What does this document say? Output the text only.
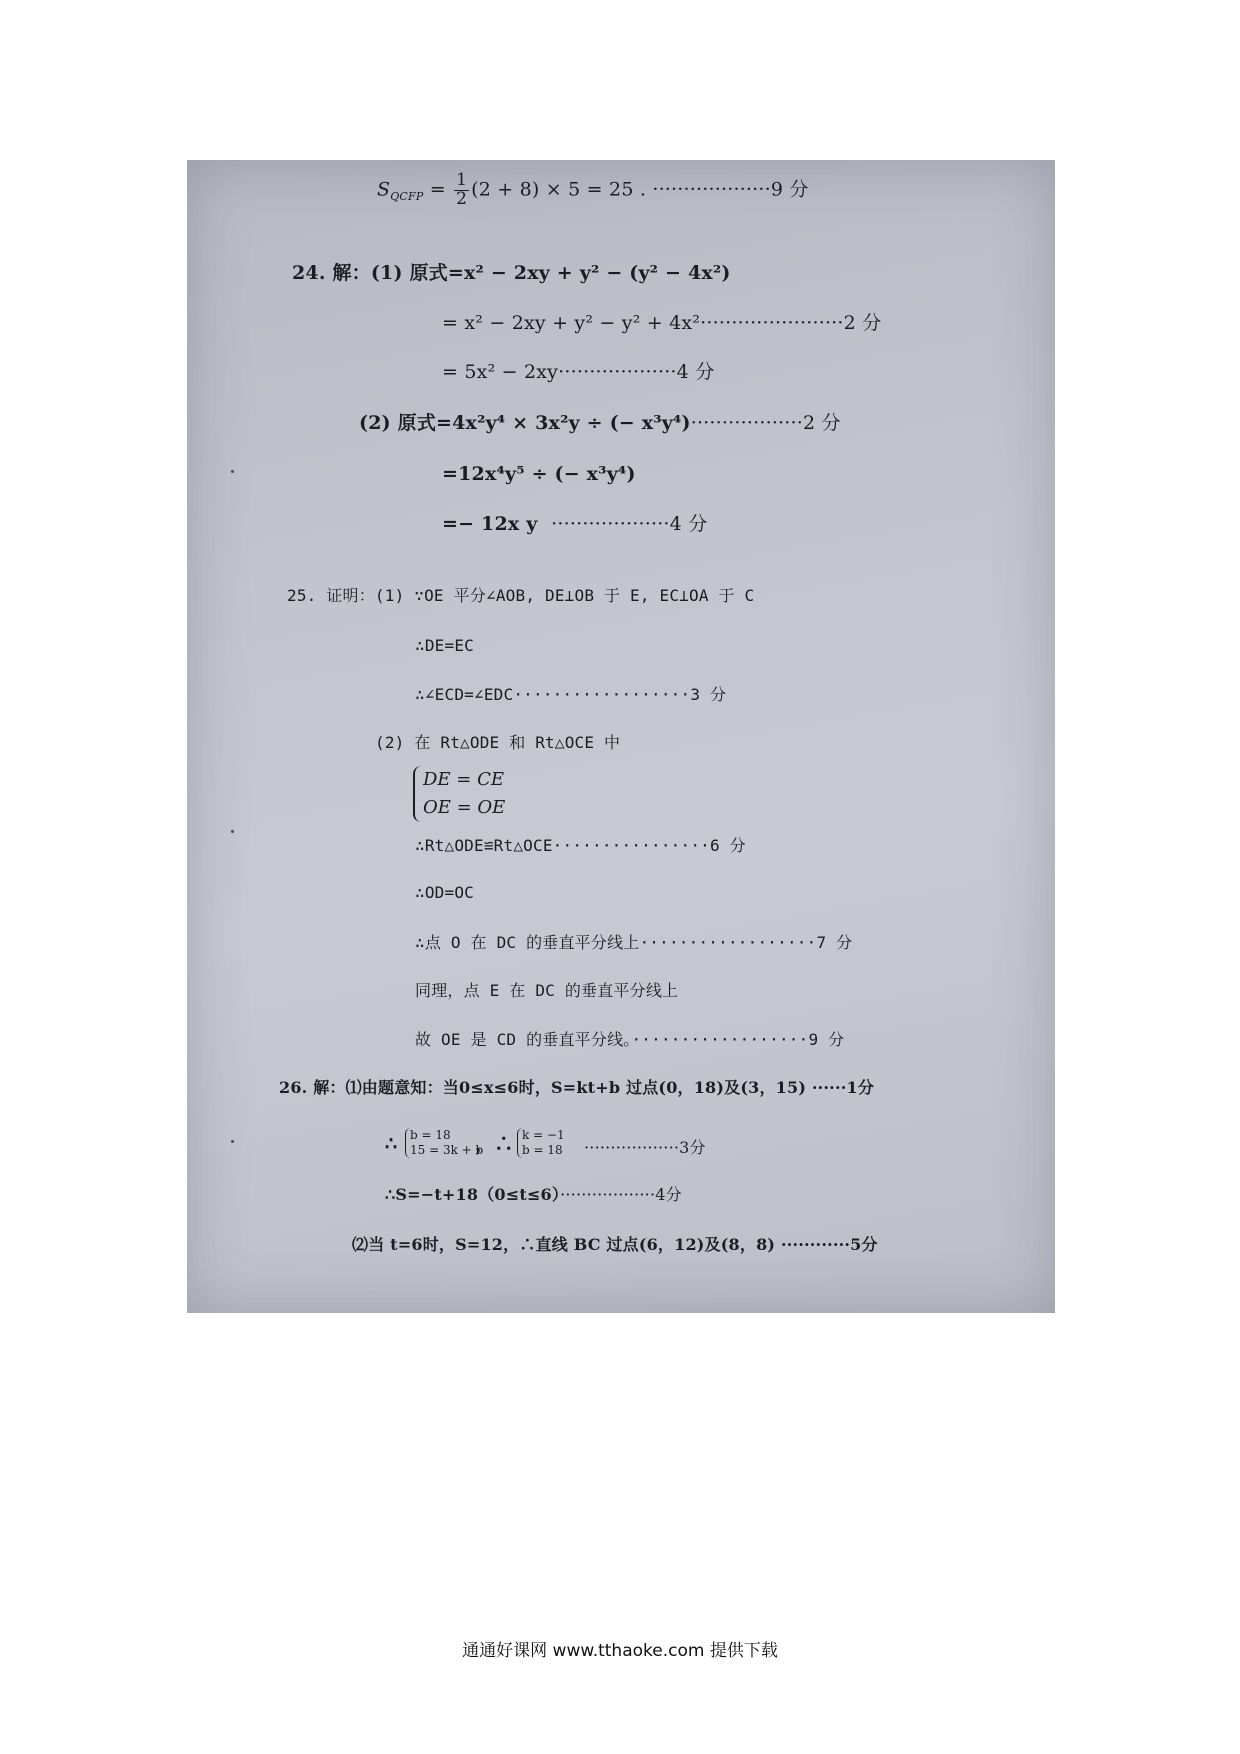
$S_{QCFP} = \frac{1}{2} (2 + 8) \times 5 = 25$ . ···················9 分
24. 解：(1) 原式=x² − 2xy + y² − (y² − 4x²)
= x² − 2xy + y² − y² + 4x²·······················2 分
= 5x² − 2xy···················4 分
(2) 原式=4x²y⁴ × 3x²y ÷ (− x³y⁴)··················2 分
=12x⁴y⁵ ÷ (− x³y⁴)
=− 12x y ···················4 分
25. 证明：(1) ∵OE 平分∠AOB, DE⊥OB 于 E, EC⊥OA 于 C
∴DE=EC
∴∠ECD=∠EDC··················3 分
(2) 在 Rt△ODE 和 Rt△OCE 中
DE = CE
OE = OE
∴Rt△ODE≌Rt△OCE················6 分
∴OD=OC
∴点 O 在 DC 的垂直平分线上··················7 分
同理，点 E 在 DC 的垂直平分线上
故 OE 是 CD 的垂直平分线。··················9 分
26. 解：⑴由题意知：当0≤x≤6时，S=kt+b 过点(0，18)及(3，15) ······1分
∴ b = 18
15 = 3k + b
，∴ k = −1
b = 18 ··················3分
∴S=−t+18（0≤t≤6）··················4分
⑵当 t=6时，S=12，∴直线 BC 过点(6，12)及(8，8) ············5分
通通好课网 www.tthaoke.com 提供下载
